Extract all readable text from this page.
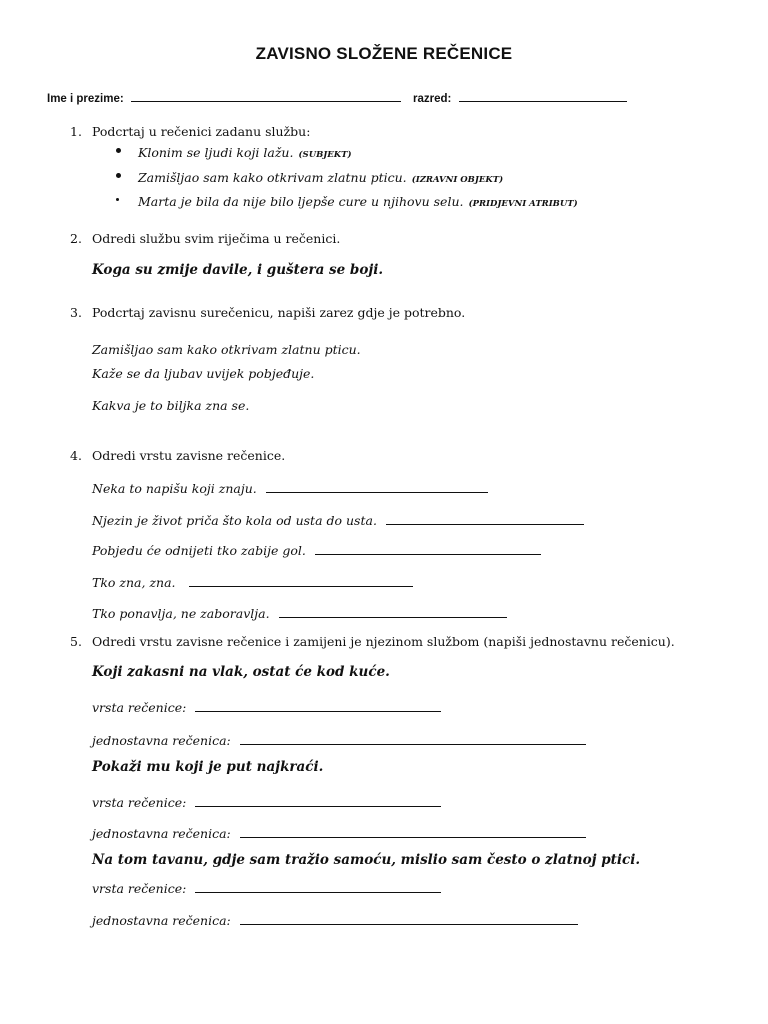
ZAVISNO SLOŽENE REČENICE
Ime i prezime:	razred:
1. Podcrtaj u rečenici zadanu službu:
Klonim se ljudi koji lažu. (SUBJEKT)
Zamišljao sam kako otkrivam zlatnu pticu. (IZRAVNI OBJEKT)
Marta je bila da nije bilo ljepše cure u njihovu selu. (PRIDJEVNI ATRIBUT)
2. Odredi službu svim riječima u rečenici.
Koga su zmije davile, i guštera se boji.
3. Podcrtaj zavisnu surečenicu, napiši zarez gdje je potrebno.
Zamišljao sam kako otkrivam zlatnu pticu.
Kaže se da ljubav uvijek pobjeđuje.
Kakva je to biljka zna se.
4. Odredi vrstu zavisne rečenice.
Neka to napišu koji znaju.
Njezin je život priča što kola od usta do usta.
Pobjedu će odnijeti tko zabije gol.
Tko zna, zna.
Tko ponavlja, ne zaboravlja.
5. Odredi vrstu zavisne rečenice i zamijeni je njezinom službom (napiši jednostavnu rečenicu).
Koji zakasni na vlak, ostat će kod kuće.
vrsta rečenice:
jednostavna rečenica:
Pokaži mu koji je put najkraći.
vrsta rečenice:
jednostavna rečenica:
Na tom tavanu, gdje sam tražio samoću, mislio sam često o zlatnoj ptici.
vrsta rečenice:
jednostavna rečenica:
